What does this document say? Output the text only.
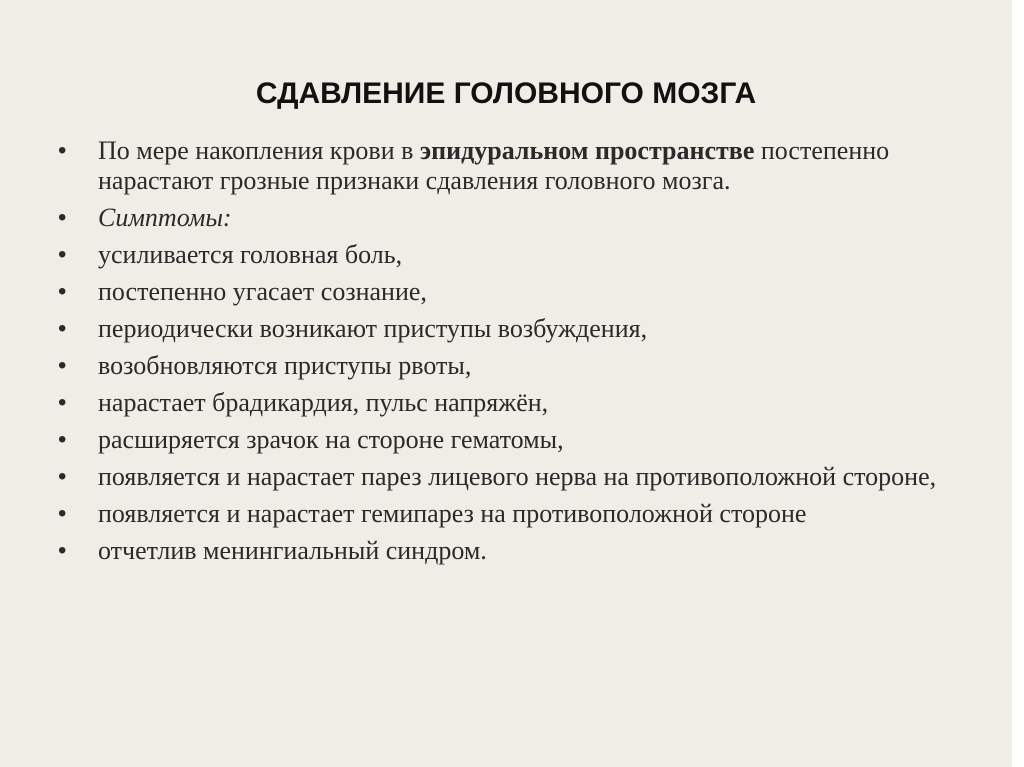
СДАВЛЕНИЕ ГОЛОВНОГО МОЗГА
• По мере накопления крови в эпидуральном пространстве постепенно нарастают грозные признаки сдавления головного мозга.
• Симптомы:
• усиливается головная боль,
• постепенно угасает сознание,
• периодически возникают приступы возбуждения,
• возобновляются приступы рвоты,
• нарастает брадикардия, пульс напряжён,
• расширяется зрачок на стороне гематомы,
• появляется и нарастает парез лицевого нерва на противоположной стороне,
• появляется и нарастает гемипарез на противоположной стороне
• отчетлив менингиальный синдром.
